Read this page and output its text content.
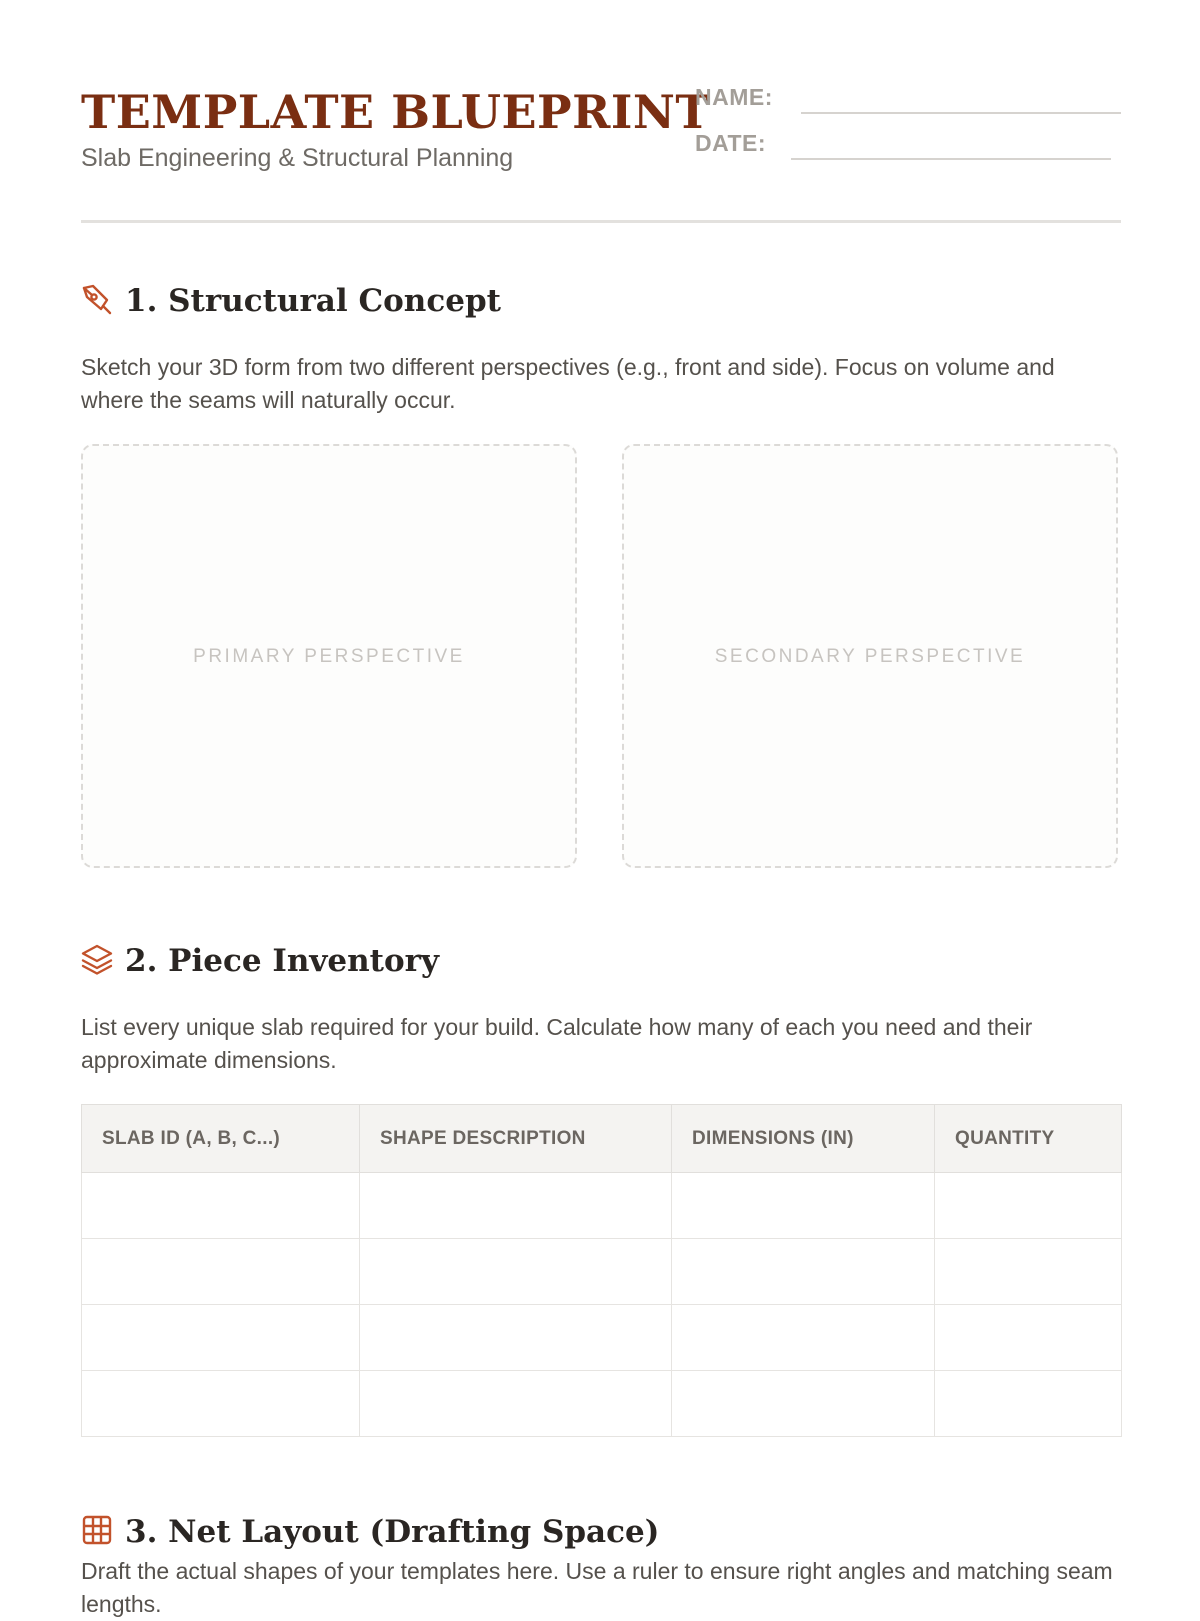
TEMPLATE BLUEPRINT
Slab Engineering & Structural Planning
NAME:
DATE:
1. Structural Concept

Sketch your 3D form from two different perspectives (e.g., front and side). Focus on volume and where the seams will naturally occur.

PRIMARY PERSPECTIVE	SECONDARY PERSPECTIVE
2. Piece Inventory

List every unique slab required for your build. Calculate how many of each you need and their approximate dimensions.

SLAB ID (A, B, C...)	SHAPE DESCRIPTION	DIMENSIONS (IN)	QUANTITY

3. Net Layout (Drafting Space)

Draft the actual shapes of your templates here. Use a ruler to ensure right angles and matching seam lengths.
